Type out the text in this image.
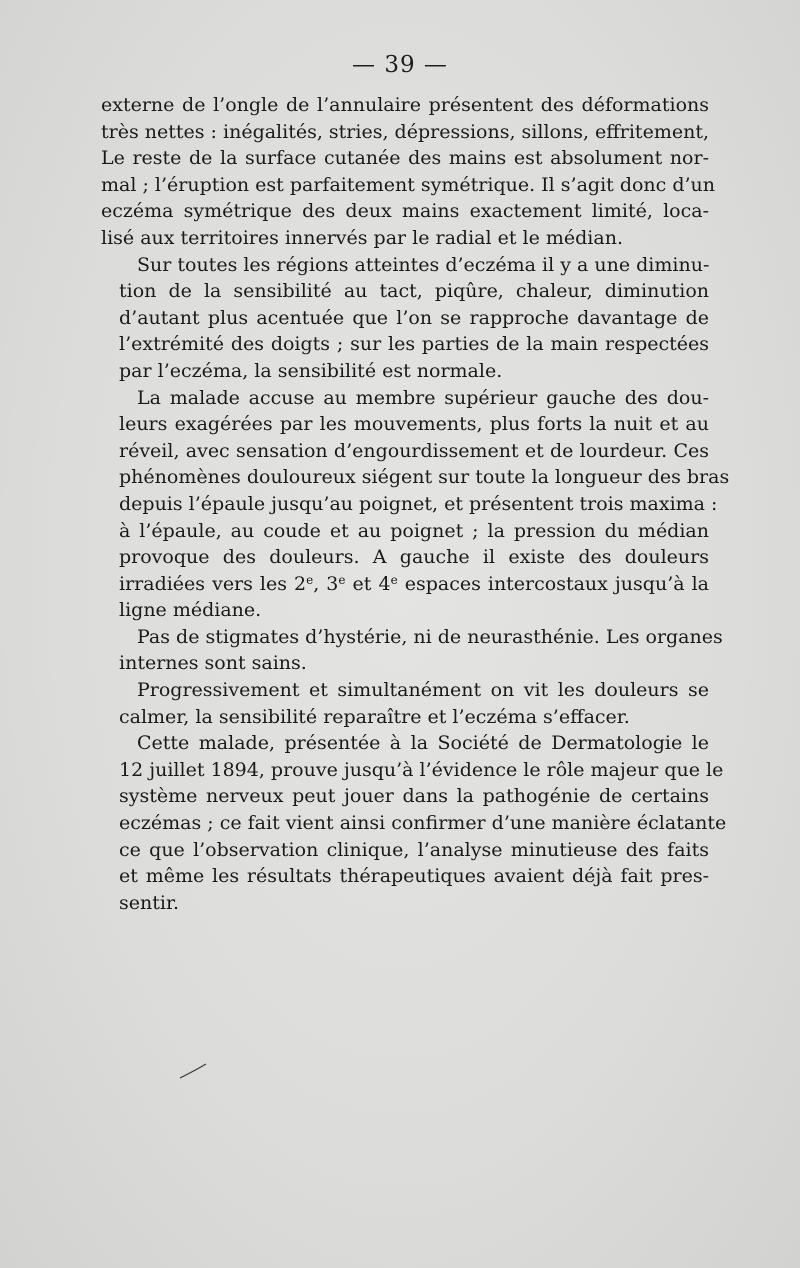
— 39 —
externe de l’ongle de l’annulaire présentent des déformations
très nettes : inégalités, stries, dépressions, sillons, effritement,
Le reste de la surface cutanée des mains est absolument nor-
mal ; l’éruption est parfaitement symétrique. Il s’agit donc d’un
eczéma symétrique des deux mains exactement limité, loca-
lisé aux territoires innervés par le radial et le médian.
Sur toutes les régions atteintes d’eczéma il y a une diminu-
tion de la sensibilité au tact, piqûre, chaleur, diminution
d’autant plus acentuée que l’on se rapproche davantage de
l’extrémité des doigts ; sur les parties de la main respectées
par l’eczéma, la sensibilité est normale.
La malade accuse au membre supérieur gauche des dou-
leurs exagérées par les mouvements, plus forts la nuit et au
réveil, avec sensation d’engourdissement et de lourdeur. Ces
phénomènes douloureux siégent sur toute la longueur des bras
depuis l’épaule jusqu’au poignet, et présentent trois maxima :
à l’épaule, au coude et au poignet ; la pression du médian
provoque des douleurs. A gauche il existe des douleurs
irradiées vers les 2e, 3e et 4e espaces intercostaux jusqu’à la
ligne médiane.
Pas de stigmates d’hystérie, ni de neurasthénie. Les organes
internes sont sains.
Progressivement et simultanément on vit les douleurs se
calmer, la sensibilité reparaître et l’eczéma s’effacer.
Cette malade, présentée à la Société de Dermatologie le
12 juillet 1894, prouve jusqu’à l’évidence le rôle majeur que le
système nerveux peut jouer dans la pathogénie de certains
eczémas ; ce fait vient ainsi confirmer d’une manière éclatante
ce que l’observation clinique, l’analyse minutieuse des faits
et même les résultats thérapeutiques avaient déjà fait pres-
sentir.
